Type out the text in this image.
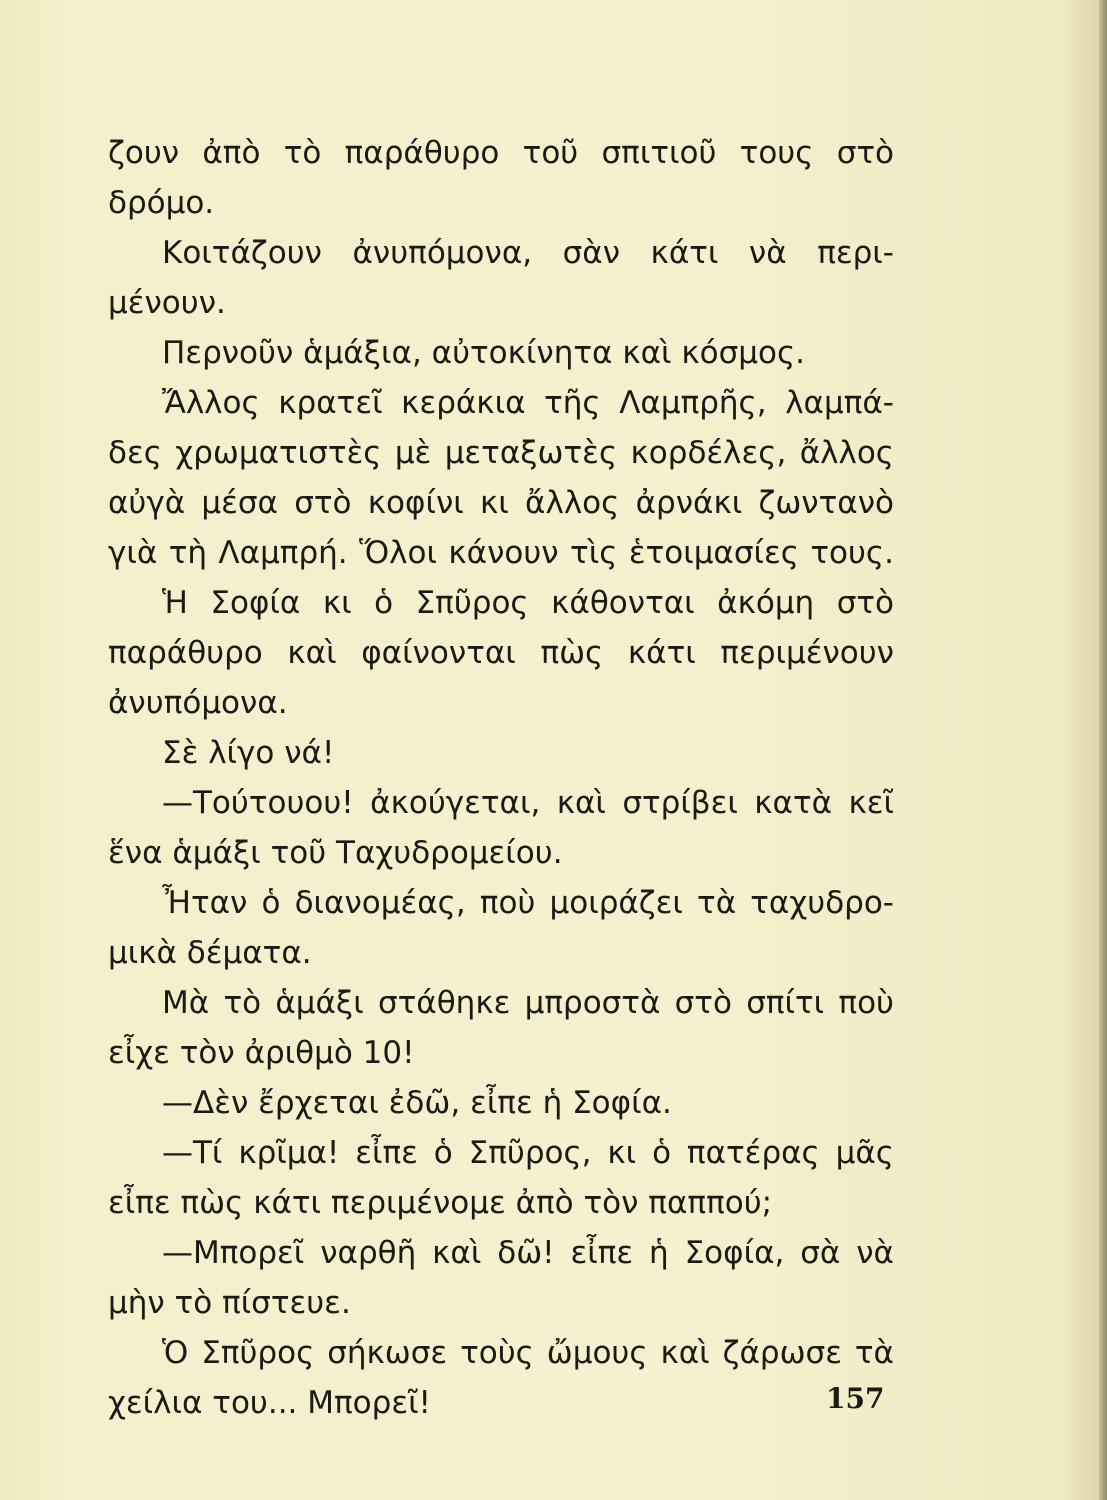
ζουν ἀπὸ τὸ παράθυρο τοῦ σπιτιοῦ τους στὸ
δρόμο.
Κοιτάζουν ἀνυπόμονα, σὰν κάτι νὰ περι-
μένουν.
Περνοῦν ἁμάξια, αὐτοκίνητα καὶ κόσμος.
Ἄλλος κρατεῖ κεράκια τῆς Λαμπρῆς, λαμπά-
δες χρωματιστὲς μὲ μεταξωτὲς κορδέλες, ἄλλος
αὐγὰ μέσα στὸ κοφίνι κι ἄλλος ἀρνάκι ζωντανὸ
γιὰ τὴ Λαμπρή. Ὅλοι κάνουν τὶς ἑτοιμασίες τους.
Ἡ Σοφία κι ὁ Σπῦρος κάθονται ἀκόμη στὸ
παράθυρο καὶ φαίνονται πὼς κάτι περιμένουν
ἀνυπόμονα.
Σὲ λίγο νά!
—Τούτουου! ἀκούγεται, καὶ στρίβει κατὰ κεῖ
ἕνα ἁμάξι τοῦ Ταχυδρομείου.
Ἦταν ὁ διανομέας, ποὺ μοιράζει τὰ ταχυδρο-
μικὰ δέματα.
Μὰ τὸ ἁμάξι στάθηκε μπροστὰ στὸ σπίτι ποὺ
εἶχε τὸν ἀριθμὸ 10!
—Δὲν ἔρχεται ἐδῶ, εἶπε ἡ Σοφία.
—Τί κρῖμα! εἶπε ὁ Σπῦρος, κι ὁ πατέρας μᾶς
εἶπε πὼς κάτι περιμένομε ἀπὸ τὸν παππού;
—Μπορεῖ ναρθῆ καὶ δῶ! εἶπε ἡ Σοφία, σὰ νὰ
μὴν τὸ πίστευε.
Ὁ Σπῦρος σήκωσε τοὺς ὤμους καὶ ζάρωσε τὰ
χείλια του... Μπορεῖ!	157
